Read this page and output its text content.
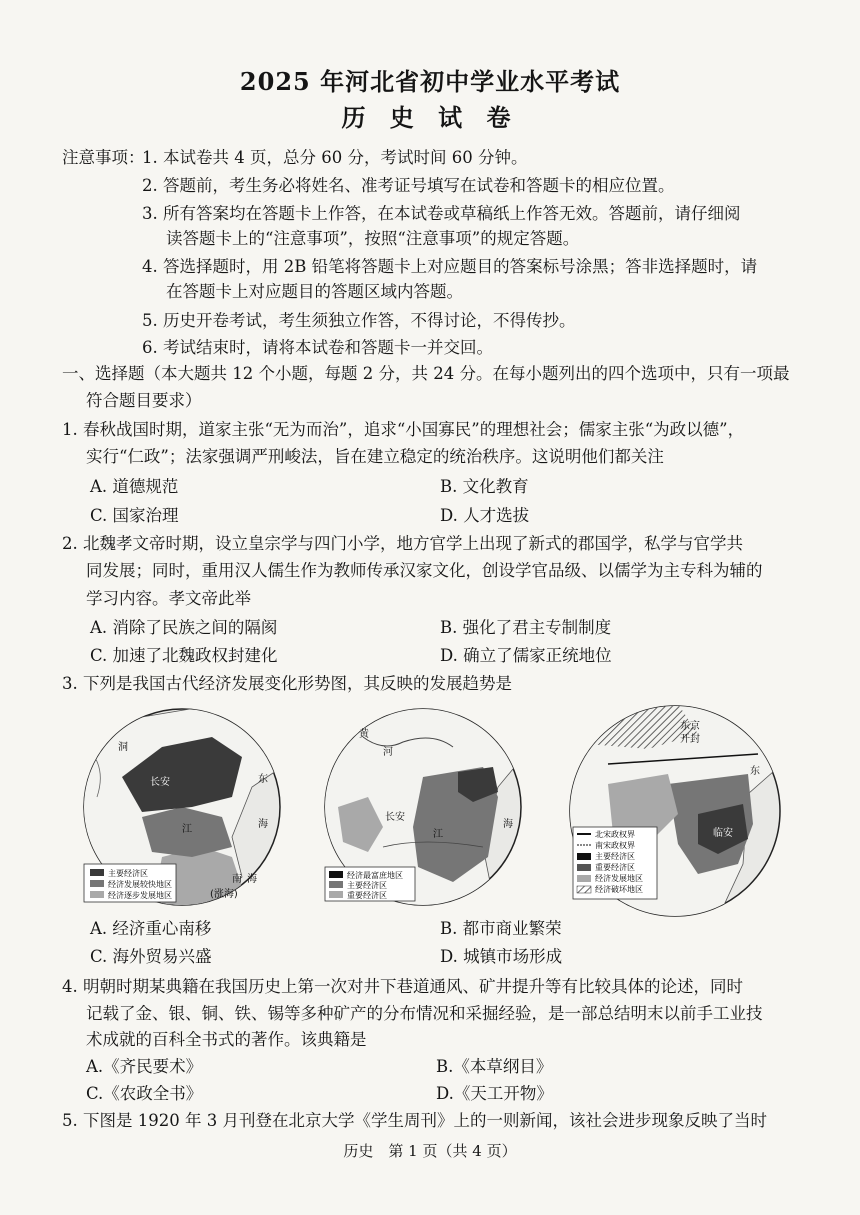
2025 年河北省初中学业水平考试
历 史 试 卷
注意事项：
1. 本试卷共 4 页，总分 60 分，考试时间 60 分钟。
2. 答题前，考生务必将姓名、准考证号填写在试卷和答题卡的相应位置。
3. 所有答案均在答题卡上作答，在本试卷或草稿纸上作答无效。答题前，请仔细阅
读答题卡上的“注意事项”，按照“注意事项”的规定答题。
4. 答选择题时，用 2B 铅笔将答题卡上对应题目的答案标号涂黑；答非选择题时，请
在答题卡上对应题目的答题区域内答题。
5. 历史开卷考试，考生须独立作答，不得讨论，不得传抄。
6. 考试结束时，请将本试卷和答题卡一并交回。
一、选择题（本大题共 12 个小题，每题 2 分，共 24 分。在每小题列出的四个选项中，只有一项最
符合题目要求）
1. 春秋战国时期，道家主张“无为而治”，追求“小国寡民”的理想社会；儒家主张“为政以德”，
实行“仁政”；法家强调严刑峻法，旨在建立稳定的统治秩序。这说明他们都关注
A. 道德规范	B. 文化教育
C. 国家治理	D. 人才选拔
2. 北魏孝文帝时期，设立皇宗学与四门小学，地方官学上出现了新式的郡国学，私学与官学共
同发展；同时，重用汉人儒生作为教师传承汉家文化，创设学官品级、以儒学为主专科为辅的
学习内容。孝文帝此举
A. 消除了民族之间的隔阂	B. 强化了君主专制制度
C. 加速了北魏政权封建化	D. 确立了儒家正统地位
3. 下列是我国古代经济发展变化形势图，其反映的发展趋势是
洞
东
长安
江	海
南 海
(涨海)
主要经济区
经济发展较快地区
经济逐步发展地区
黄
河
长安
江
海
经济最富庶地区
主要经济区
重要经济区
东京
开封
临安
东
北宋政权界
南宋政权界
主要经济区
重要经济区
经济发展地区
经济破坏地区
A. 经济重心南移	B. 都市商业繁荣
C. 海外贸易兴盛	D. 城镇市场形成
4. 明朝时期某典籍在我国历史上第一次对井下巷道通风、矿井提升等有比较具体的论述，同时
记载了金、银、铜、铁、锡等多种矿产的分布情况和采掘经验，是一部总结明末以前手工业技
术成就的百科全书式的著作。该典籍是
A.《齐民要术》	B.《本草纲目》
C.《农政全书》	D.《天工开物》
5. 下图是 1920 年 3 月刊登在北京大学《学生周刊》上的一则新闻，该社会进步现象反映了当时
历史　第 1 页（共 4 页）
